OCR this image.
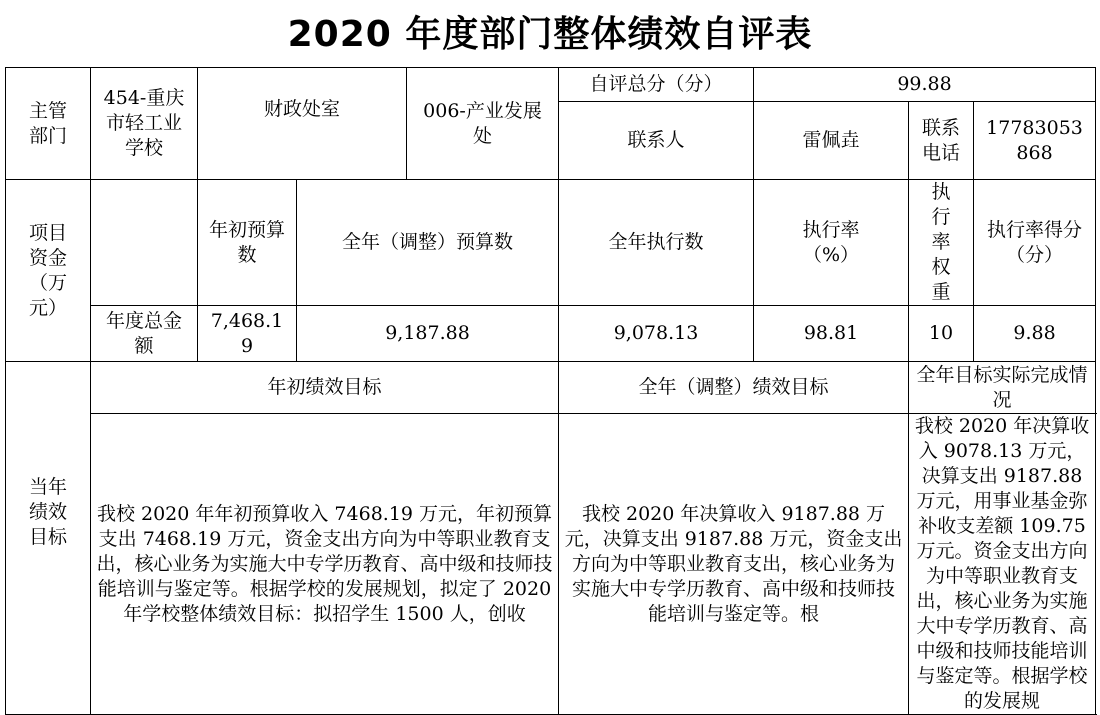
2020 年度部门整体绩效自评表
主管部门	454-重庆市轻工业学校	财政处室		006-产业发展处	自评总分（分）	99.88		

					联系人	雷佩垚	联系电话	17783053868

项目资金（万元）		年初预算数	全年（调整）预算数		全年执行数	执行率（%）	执行率权重	执行率得分（分）

	年度总金额	7,468.19	9,187.88		9,078.13	98.81	10	9.88

当年绩效目标	年初绩效目标				全年（调整）绩效目标		全年目标实际完成情况	

	我校 2020 年年初预算收入 7468.19 万元，年初预算支出 7468.19 万元，资金支出方向为中等职业教育支出，核心业务为实施大中专学历教育、高中级和技师技能培训与鉴定等。根据学校的发展规划，拟定了 2020 年学校整体绩效目标：拟招学生 1500 人，创收				我校 2020 年决算收入 9187.88 万元，决算支出 9187.88 万元，资金支出方向为中等职业教育支出，核心业务为实施大中专学历教育、高中级和技师技能培训与鉴定等。根		我校 2020 年决算收入 9078.13 万元，决算支出 9187.88 万元，用事业基金弥补收支差额 109.75 万元。资金支出方向为中等职业教育支出，核心业务为实施大中专学历教育、高中级和技师技能培训与鉴定等。根据学校的发展规	
